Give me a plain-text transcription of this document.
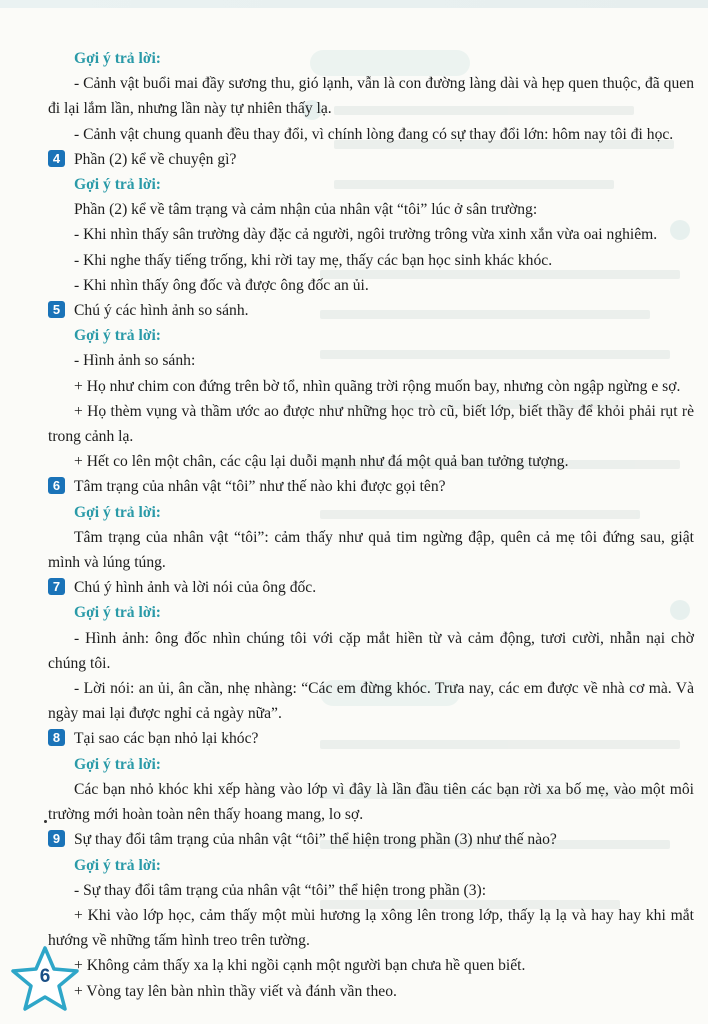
Gợi ý trả lời:

- Cảnh vật buổi mai đầy sương thu, gió lạnh, vẫn là con đường làng dài và hẹp quen thuộc, đã quen đi lại lắm lần, nhưng lần này tự nhiên thấy lạ.

- Cảnh vật chung quanh đều thay đổi, vì chính lòng đang có sự thay đổi lớn: hôm nay tôi đi học.

4 Phần (2) kể về chuyện gì?

Gợi ý trả lời:

Phần (2) kể về tâm trạng và cảm nhận của nhân vật “tôi” lúc ở sân trường:

- Khi nhìn thấy sân trường dày đặc cả người, ngôi trường trông vừa xinh xắn vừa oai nghiêm.

- Khi nghe thấy tiếng trống, khi rời tay mẹ, thấy các bạn học sinh khác khóc.

- Khi nhìn thấy ông đốc và được ông đốc an ủi.

5 Chú ý các hình ảnh so sánh.

Gợi ý trả lời:

- Hình ảnh so sánh:

+ Họ như chim con đứng trên bờ tổ, nhìn quãng trời rộng muốn bay, nhưng còn ngập ngừng e sợ.

+ Họ thèm vụng và thầm ước ao được như những học trò cũ, biết lớp, biết thầy để khỏi phải rụt rè trong cảnh lạ.

+ Hết co lên một chân, các cậu lại duỗi mạnh như đá một quả ban tưởng tượng.

6 Tâm trạng của nhân vật “tôi” như thế nào khi được gọi tên?

Gợi ý trả lời:

Tâm trạng của nhân vật “tôi”: cảm thấy như quả tim ngừng đập, quên cả mẹ tôi đứng sau, giật mình và lúng túng.

7 Chú ý hình ảnh và lời nói của ông đốc.

Gợi ý trả lời:

- Hình ảnh: ông đốc nhìn chúng tôi với cặp mắt hiền từ và cảm động, tươi cười, nhẫn nại chờ chúng tôi.

- Lời nói: an ủi, ân cần, nhẹ nhàng: “Các em đừng khóc. Trưa nay, các em được về nhà cơ mà. Và ngày mai lại được nghỉ cả ngày nữa”.

8 Tại sao các bạn nhỏ lại khóc?

Gợi ý trả lời:

Các bạn nhỏ khóc khi xếp hàng vào lớp vì đây là lần đầu tiên các bạn rời xa bố mẹ, vào một môi trường mới hoàn toàn nên thấy hoang mang, lo sợ.

9 Sự thay đổi tâm trạng của nhân vật “tôi” thể hiện trong phần (3) như thế nào?

Gợi ý trả lời:

- Sự thay đổi tâm trạng của nhân vật “tôi” thể hiện trong phần (3):

+ Khi vào lớp học, cảm thấy một mùi hương lạ xông lên trong lớp, thấy lạ lạ và hay hay khi mắt hướng về những tấm hình treo trên tường.

+ Không cảm thấy xa lạ khi ngồi cạnh một người bạn chưa hề quen biết.

+ Vòng tay lên bàn nhìn thầy viết và đánh vần theo.

6
